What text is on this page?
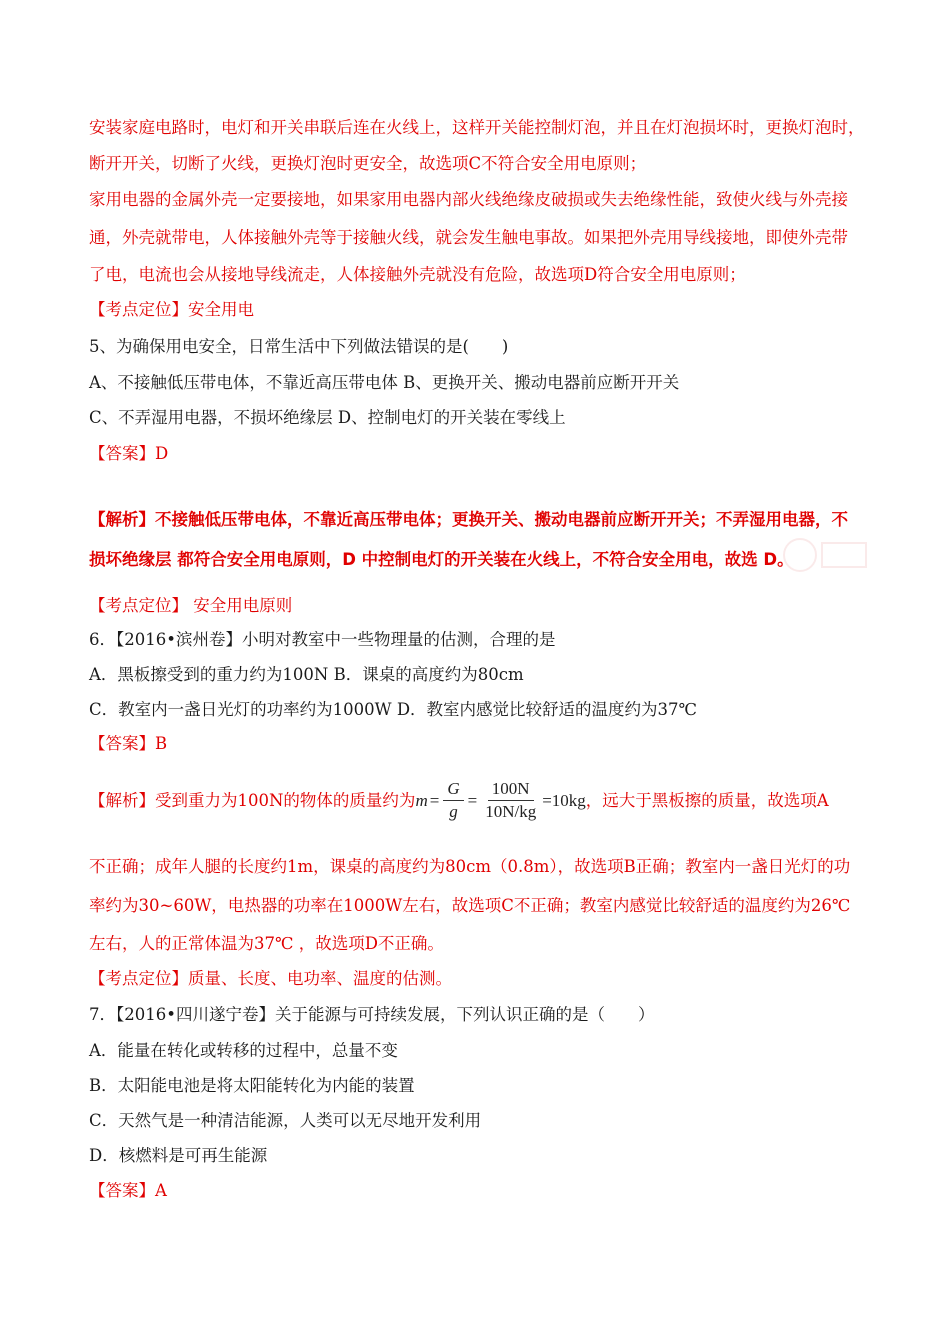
安装家庭电路时，电灯和开关串联后连在火线上，这样开关能控制灯泡，并且在灯泡损坏时，更换灯泡时，
断开开关，切断了火线，更换灯泡时更安全，故选项C不符合安全用电原则；
家用电器的金属外壳一定要接地，如果家用电器内部火线绝缘皮破损或失去绝缘性能，致使火线与外壳接
通，外壳就带电，人体接触外壳等于接触火线，就会发生触电事故。如果把外壳用导线接地，即使外壳带
了电，电流也会从接地导线流走，人体接触外壳就没有危险，故选项D符合安全用电原则；
【考点定位】安全用电
5、为确保用电安全，日常生活中下列做法错误的是(　　)
A、不接触低压带电体，不靠近高压带电体 B、更换开关、搬动电器前应断开开关
C、不弄湿用电器，不损坏绝缘层 D、控制电灯的开关装在零线上
【答案】D
【解析】不接触低压带电体，不靠近高压带电体；更换开关、搬动电器前应断开开关；不弄湿用电器，不
损坏绝缘层 都符合安全用电原则，D 中控制电灯的开关装在火线上，不符合安全用电，故选 D。
【考点定位】 安全用电原则
6．【2016•滨州卷】小明对教室中一些物理量的估测，合理的是
A．黑板擦受到的重力约为100N B．课桌的高度约为80cm
C．教室内一盏日光灯的功率约为1000W D．教室内感觉比较舒适的温度约为37℃
【答案】B
【解析】受到重力为100N的物体的质量约为 $m = \frac{G}{g} = \frac{100N}{10N/kg} =10kg$ ，远大于黑板擦的质量，故选项A
不正确；成年人腿的长度约1m，课桌的高度约为80cm（0.8m），故选项B正确；教室内一盏日光灯的功
率约为30~60W，电热器的功率在1000W左右，故选项C不正确；教室内感觉比较舒适的温度约为26℃
左右，人的正常体温为37℃ ，故选项D不正确。
【考点定位】质量、长度、电功率、温度的估测。
7．【2016•四川遂宁卷】关于能源与可持续发展，下列认识正确的是（　　）
A．能量在转化或转移的过程中，总量不变
B．太阳能电池是将太阳能转化为内能的装置
C．天然气是一种清洁能源，人类可以无尽地开发利用
D．核燃料是可再生能源
【答案】A
